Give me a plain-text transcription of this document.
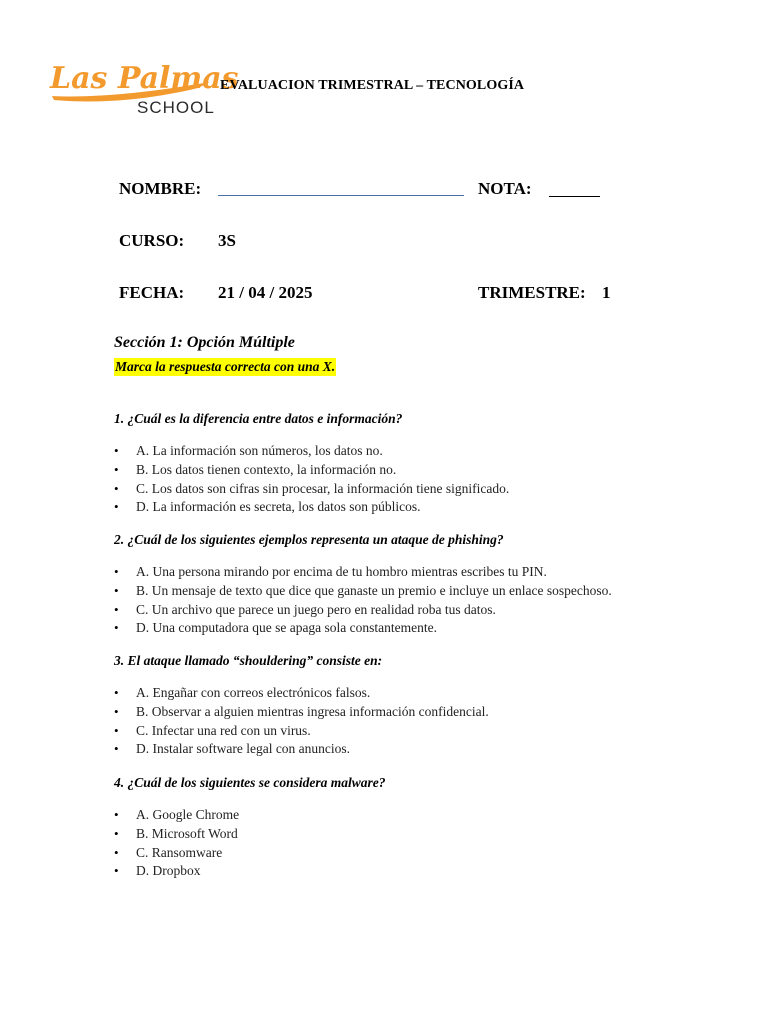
Las Palmas
SCHOOL
EVALUACION TRIMESTRAL – TECNOLOGÍA
NOMBRE:	NOTA:
CURSO: 3S
FECHA: 21 / 04 / 2025	TRIMESTRE: 1
Sección 1: Opción Múltiple
Marca la respuesta correcta con una X.
1. ¿Cuál es la diferencia entre datos e información?
• A. La información son números, los datos no.
• B. Los datos tienen contexto, la información no.
• C. Los datos son cifras sin procesar, la información tiene significado.
• D. La información es secreta, los datos son públicos.
2. ¿Cuál de los siguientes ejemplos representa un ataque de phishing?
• A. Una persona mirando por encima de tu hombro mientras escribes tu PIN.
• B. Un mensaje de texto que dice que ganaste un premio e incluye un enlace sospechoso.
• C. Un archivo que parece un juego pero en realidad roba tus datos.
• D. Una computadora que se apaga sola constantemente.
3. El ataque llamado “shouldering” consiste en:
• A. Engañar con correos electrónicos falsos.
• B. Observar a alguien mientras ingresa información confidencial.
• C. Infectar una red con un virus.
• D. Instalar software legal con anuncios.
4. ¿Cuál de los siguientes se considera malware?
• A. Google Chrome
• B. Microsoft Word
• C. Ransomware
• D. Dropbox
